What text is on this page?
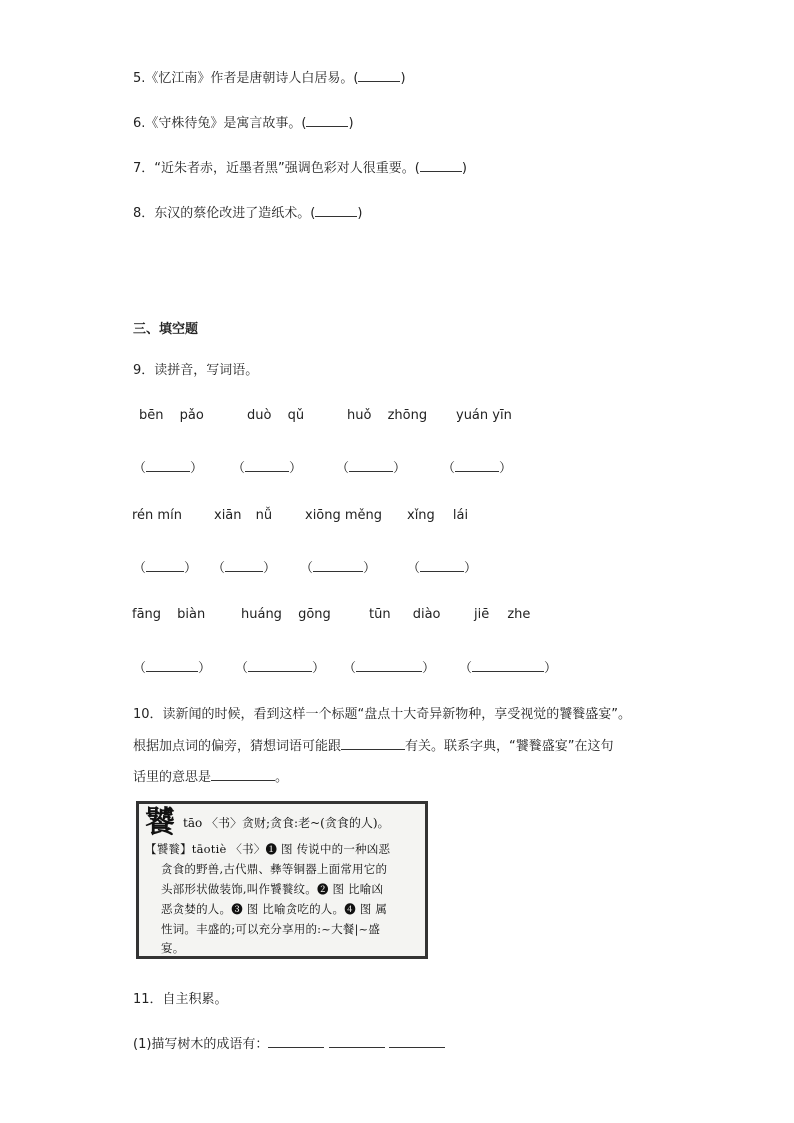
5.《忆江南》作者是唐朝诗人白居易。(	)
6.《守株待兔》是寓言故事。(	)
7．“近朱者赤，近墨者黑”强调色彩对人很重要。(	)
8．东汉的蔡伦改进了造纸术。(	)
三、填空题
9．读拼音，写词语。
bēn pǎo	duò qǔ	huǒ zhōng yuán yīn
（	） （	）	（	）	（	）
rén mín xiān nǚ	xiōng měng xǐng lái
（	） （	） （	） （	）
fāng biàn	huáng gōng	tūn diào	jiē zhe
（	） （	） （	） （	）
10．读新闻的时候，看到这样一个标题“盘点十大奇异新物种，享受视觉的饕餮盛宴”。
根据加点词的偏旁，猜想词语可能跟	有关。联系字典，“饕餮盛宴”在这句
话里的意思是	。
饕 tāo 〈书〉贪财;贪食:老~(贪食的人)。
【饕餮】tāotiè 〈书〉❶ 图 传说中的一种凶恶
贪食的野兽,古代鼎、彝等铜器上面常用它的
头部形状做装饰,叫作饕餮纹。❷ 图 比喻凶
恶贪婪的人。❸ 图 比喻贪吃的人。❹ 图 属
性词。丰盛的;可以充分享用的:~大餐|~盛
宴。
11．自主积累。
(1)描写树木的成语有：
